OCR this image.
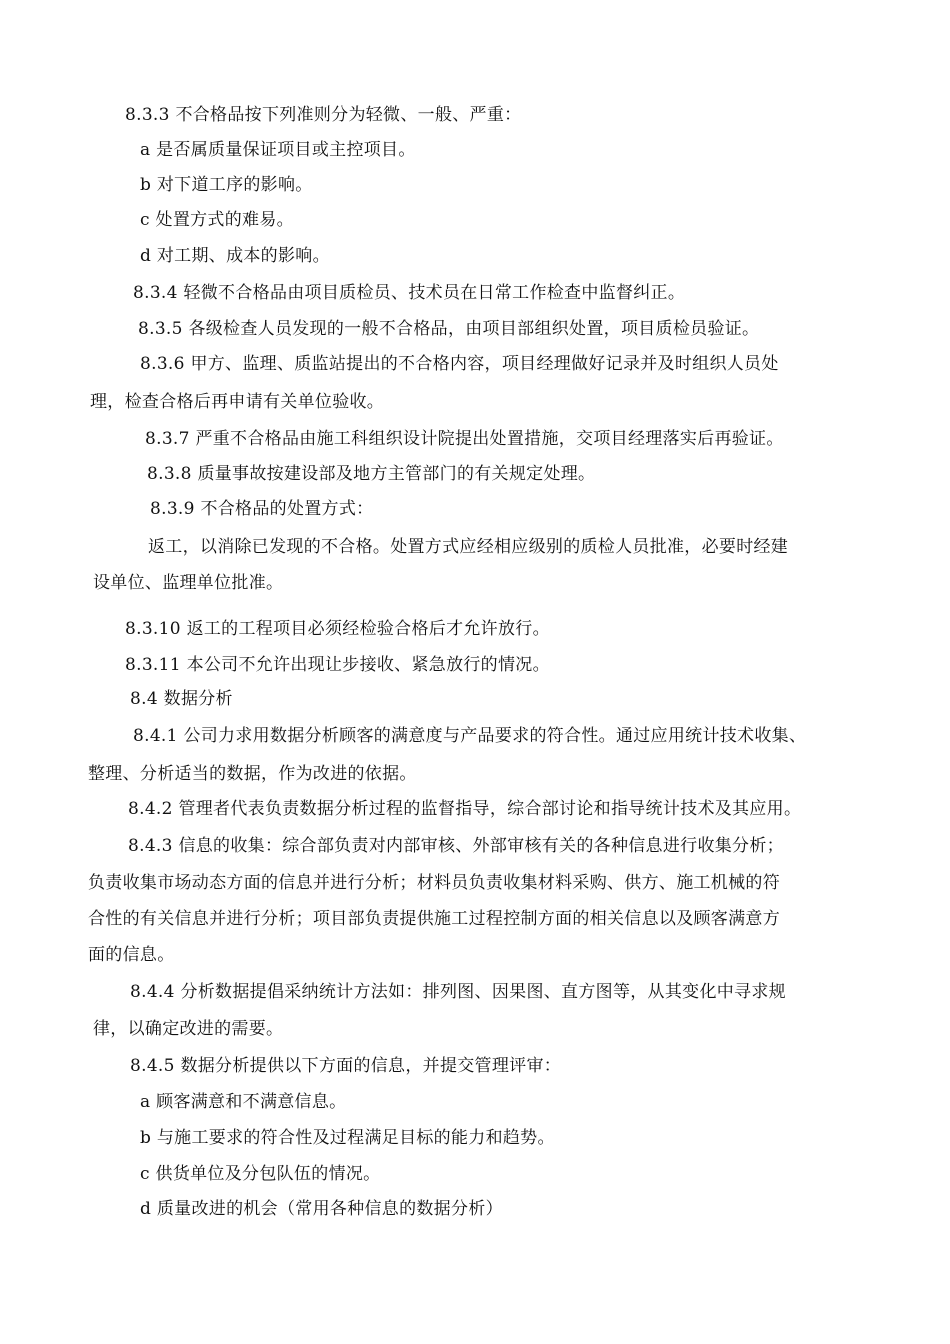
8.3.3 不合格品按下列准则分为轻微、一般、严重：
a 是否属质量保证项目或主控项目。
b 对下道工序的影响。
c 处置方式的难易。
d 对工期、成本的影响。
8.3.4 轻微不合格品由项目质检员、技术员在日常工作检查中监督纠正。
8.3.5 各级检查人员发现的一般不合格品，由项目部组织处置，项目质检员验证。
8.3.6 甲方、监理、质监站提出的不合格内容，项目经理做好记录并及时组织人员处
理，检查合格后再申请有关单位验收。
8.3.7 严重不合格品由施工科组织设计院提出处置措施，交项目经理落实后再验证。
8.3.8 质量事故按建设部及地方主管部门的有关规定处理。
8.3.9 不合格品的处置方式：
返工，以消除已发现的不合格。处置方式应经相应级别的质检人员批准，必要时经建
设单位、监理单位批准。
8.3.10 返工的工程项目必须经检验合格后才允许放行。
8.3.11 本公司不允许出现让步接收、紧急放行的情况。
8.4 数据分析
8.4.1 公司力求用数据分析顾客的满意度与产品要求的符合性。通过应用统计技术收集、
整理、分析适当的数据，作为改进的依据。
8.4.2 管理者代表负责数据分析过程的监督指导，综合部讨论和指导统计技术及其应用。
8.4.3 信息的收集：综合部负责对内部审核、外部审核有关的各种信息进行收集分析；
负责收集市场动态方面的信息并进行分析；材料员负责收集材料采购、供方、施工机械的符
合性的有关信息并进行分析；项目部负责提供施工过程控制方面的相关信息以及顾客满意方
面的信息。
8.4.4 分析数据提倡采纳统计方法如：排列图、因果图、直方图等，从其变化中寻求规
律，以确定改进的需要。
8.4.5 数据分析提供以下方面的信息，并提交管理评审：
a 顾客满意和不满意信息。
b 与施工要求的符合性及过程满足目标的能力和趋势。
c 供货单位及分包队伍的情况。
d 质量改进的机会（常用各种信息的数据分析）
